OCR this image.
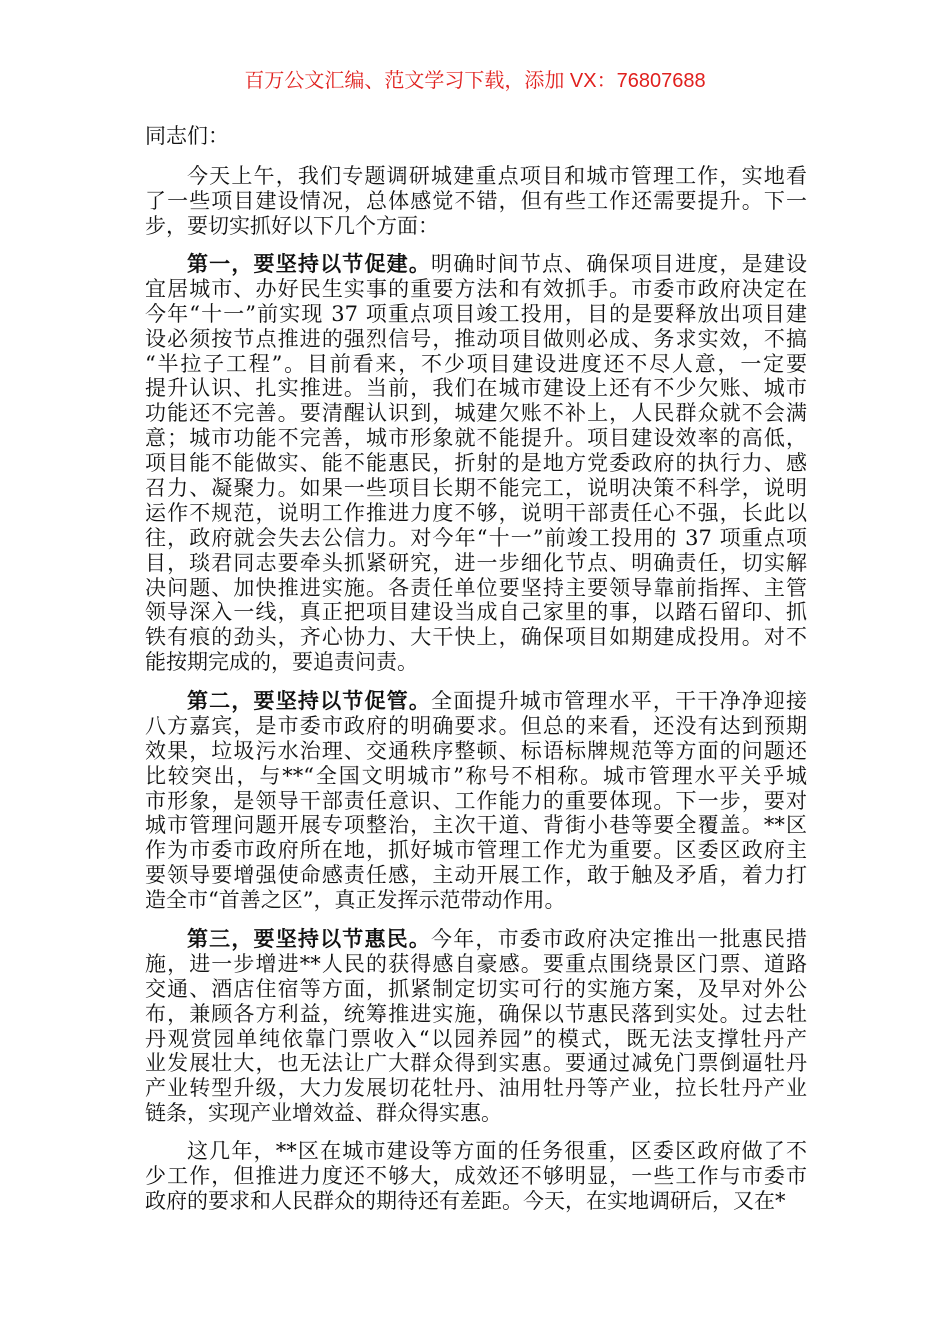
百万公文汇编、范文学习下载，添加 VX：76807688
同志们：
今天上午，我们专题调研城建重点项目和城市管理工作，实地看
了一些项目建设情况，总体感觉不错，但有些工作还需要提升。下一
步，要切实抓好以下几个方面：
第一，要坚持以节促建。明确时间节点、确保项目进度，是建设
宜居城市、办好民生实事的重要方法和有效抓手。市委市政府决定在
今年“十一”前实现 37 项重点项目竣工投用，目的是要释放出项目建
设必须按节点推进的强烈信号，推动项目做则必成、务求实效，不搞
“半拉子工程”。目前看来，不少项目建设进度还不尽人意，一定要
提升认识、扎实推进。当前，我们在城市建设上还有不少欠账、城市
功能还不完善。要清醒认识到，城建欠账不补上，人民群众就不会满
意；城市功能不完善，城市形象就不能提升。项目建设效率的高低，
项目能不能做实、能不能惠民，折射的是地方党委政府的执行力、感
召力、凝聚力。如果一些项目长期不能完工，说明决策不科学，说明
运作不规范，说明工作推进力度不够，说明干部责任心不强，长此以
往，政府就会失去公信力。对今年“十一”前竣工投用的 37 项重点项
目，琰君同志要牵头抓紧研究，进一步细化节点、明确责任，切实解
决问题、加快推进实施。各责任单位要坚持主要领导靠前指挥、主管
领导深入一线，真正把项目建设当成自己家里的事，以踏石留印、抓
铁有痕的劲头，齐心协力、大干快上，确保项目如期建成投用。对不
能按期完成的，要追责问责。
第二，要坚持以节促管。全面提升城市管理水平，干干净净迎接
八方嘉宾，是市委市政府的明确要求。但总的来看，还没有达到预期
效果，垃圾污水治理、交通秩序整顿、标语标牌规范等方面的问题还
比较突出，与**“全国文明城市”称号不相称。城市管理水平关乎城
市形象，是领导干部责任意识、工作能力的重要体现。下一步，要对
城市管理问题开展专项整治，主次干道、背街小巷等要全覆盖。**区
作为市委市政府所在地，抓好城市管理工作尤为重要。区委区政府主
要领导要增强使命感责任感，主动开展工作，敢于触及矛盾，着力打
造全市“首善之区”，真正发挥示范带动作用。
第三，要坚持以节惠民。今年，市委市政府决定推出一批惠民措
施，进一步增进**人民的获得感自豪感。要重点围绕景区门票、道路
交通、酒店住宿等方面，抓紧制定切实可行的实施方案，及早对外公
布，兼顾各方利益，统筹推进实施，确保以节惠民落到实处。过去牡
丹观赏园单纯依靠门票收入“以园养园”的模式，既无法支撑牡丹产
业发展壮大，也无法让广大群众得到实惠。要通过减免门票倒逼牡丹
产业转型升级，大力发展切花牡丹、油用牡丹等产业，拉长牡丹产业
链条，实现产业增效益、群众得实惠。
这几年，**区在城市建设等方面的任务很重，区委区政府做了不
少工作，但推进力度还不够大，成效还不够明显，一些工作与市委市
政府的要求和人民群众的期待还有差距。今天，在实地调研后，又在*
